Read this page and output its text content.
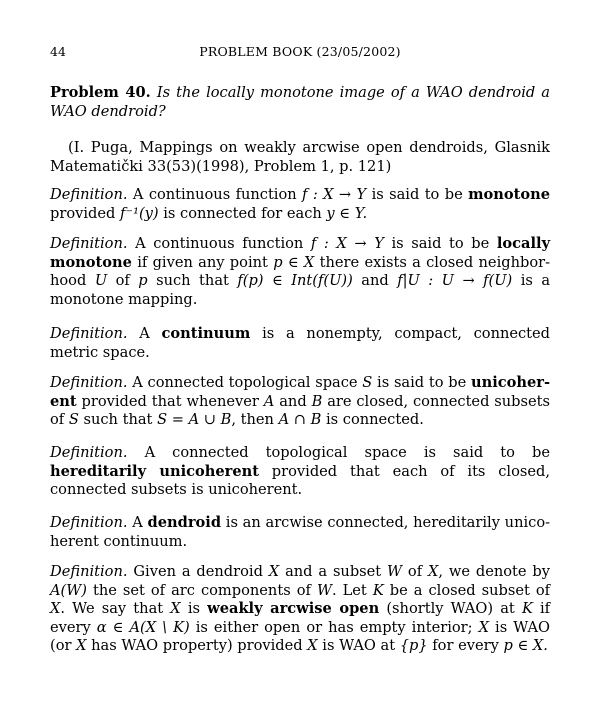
44	PROBLEM BOOK (23/05/2002)
Problem 40. Is the locally monotone image of a WAO dendroid a WAO dendroid?
(I. Puga, Mappings on weakly arcwise open dendroids, Glasnik Matematički 33(53)(1998), Problem 1, p. 121)
Definition. A continuous function f : X → Y is said to be monotone provided f⁻¹(y) is connected for each y ∈ Y.
Definition. A continuous function f : X → Y is said to be locally monotone if given any point p ∈ X there exists a closed neighbor-hood U of p such that f(p) ∈ Int(f(U)) and f|U : U → f(U) is a monotone mapping.
Definition. A continuum is a nonempty, compact, connected metric space.
Definition. A connected topological space S is said to be unicoher-ent provided that whenever A and B are closed, connected subsets of S such that S = A ∪ B, then A ∩ B is connected.
Definition. A connected topological space is said to be hereditarily unicoherent provided that each of its closed, connected subsets is unicoherent.
Definition. A dendroid is an arcwise connected, hereditarily unico-herent continuum.
Definition. Given a dendroid X and a subset W of X, we denote by A(W) the set of arc components of W. Let K be a closed subset of X. We say that X is weakly arcwise open (shortly WAO) at K if every α ∈ A(X \ K) is either open or has empty interior; X is WAO (or X has WAO property) provided X is WAO at {p} for every p ∈ X.
